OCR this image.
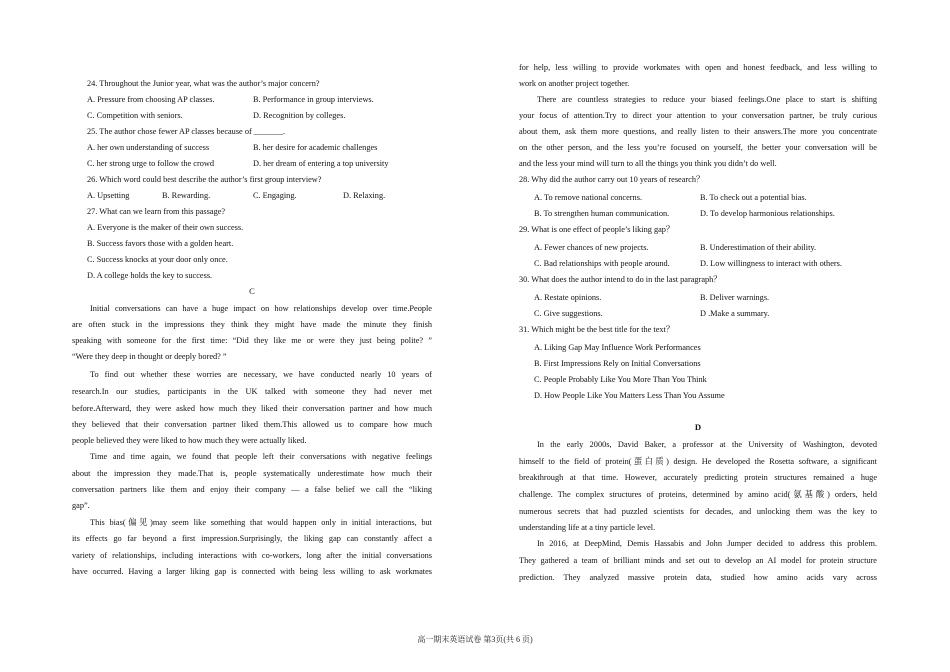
24. Throughout the Junior year, what was the author’s major concern?
A. Pressure from choosing AP classes.	B. Performance in group interviews.
C. Competition with seniors.	D. Recognition by colleges.
25. The author chose fewer AP classes because of _______.
A. her own understanding of success	B. her desire for academic challenges
C. her strong urge to follow the crowd	D. her dream of entering a top university
26. Which word could best describe the author’s first group interview?
A. Upsetting	B. Rewarding.	C. Engaging.	D. Relaxing.
27. What can we learn from this passage?
A. Everyone is the maker of their own success.
B. Success favors those with a golden heart.
C. Success knocks at your door only once.
D. A college holds the key to success.
C
Initial conversations can have a huge impact on how relationships develop over time.People
are often stuck in the impressions they think they might have made the minute they finish
speaking with someone for the first time: “Did they like me or were they just being polite? ”
“Were they deep in thought or deeply bored? ”
To find out whether these worries are necessary, we have conducted nearly 10 years of
research.In our studies, participants in the UK talked with someone they had never met
before.Afterward, they were asked how much they liked their conversation partner and how much
they believed that their conversation partner liked them.This allowed us to compare how much
people believed they were liked to how much they were actually liked.
Time and time again, we found that people left their conversations with negative feelings
about the impression they made.That is, people systematically underestimate how much their
conversation partners like them and enjoy their company — a false belief we call the “liking
gap”.
This bias(偏见)may seem like something that would happen only in initial interactions, but
its effects go far beyond a first impression.Surprisingly, the liking gap can constantly affect a
variety of relationships, including interactions with co-workers, long after the initial conversations
have occurred. Having a larger liking gap is connected with being less willing to ask workmates
for help, less willing to provide workmates with open and honest feedback, and less willing to
work on another project together.
There are countless strategies to reduce your biased feelings.One place to start is shifting
your focus of attention.Try to direct your attention to your conversation partner, be truly curious
about them, ask them more questions, and really listen to their answers.The more you concentrate
on the other person, and the less you’re focused on yourself, the better your conversation will be
and the less your mind will turn to all the things you think you didn’t do well.
28. Why did the author carry out 10 years of research？
A. To remove national concerns.	B. To check out a potential bias.
B. To strengthen human communication.	D. To develop harmonious relationships.
29. What is one effect of people’s liking gap？
A. Fewer chances of new projects.	B. Underestimation of their ability.
C. Bad relationships with people around.	D. Low willingness to interact with others.
30. What does the author intend to do in the last paragraph？
A. Restate opinions.	B. Deliver warnings.
C. Give suggestions.	D .Make a summary.
31. Which might be the best title for the text？
A. Liking Gap May Influence Work Performances
B. First Impressions Rely on Initial Conversations
C. People Probably Like You More Than You Think
D. How People Like You Matters Less Than You Assume
D
In the early 2000s, David Baker, a professor at the University of Washington, devoted
himself to the field of protein(蛋白质) design. He developed the Rosetta software, a significant
breakthrough at that time. However, accurately predicting protein structures remained a huge
challenge. The complex structures of proteins, determined by amino acid(氨基酸) orders, held
numerous secrets that had puzzled scientists for decades, and unlocking them was the key to
understanding life at a tiny particle level.
In 2016, at DeepMind, Demis Hassabis and John Jumper decided to address this problem.
They gathered a team of brilliant minds and set out to develop an AI model for protein structure
prediction. They analyzed massive protein data, studied how amino acids vary across
高一期末英语试卷 第3页(共 6 页)
